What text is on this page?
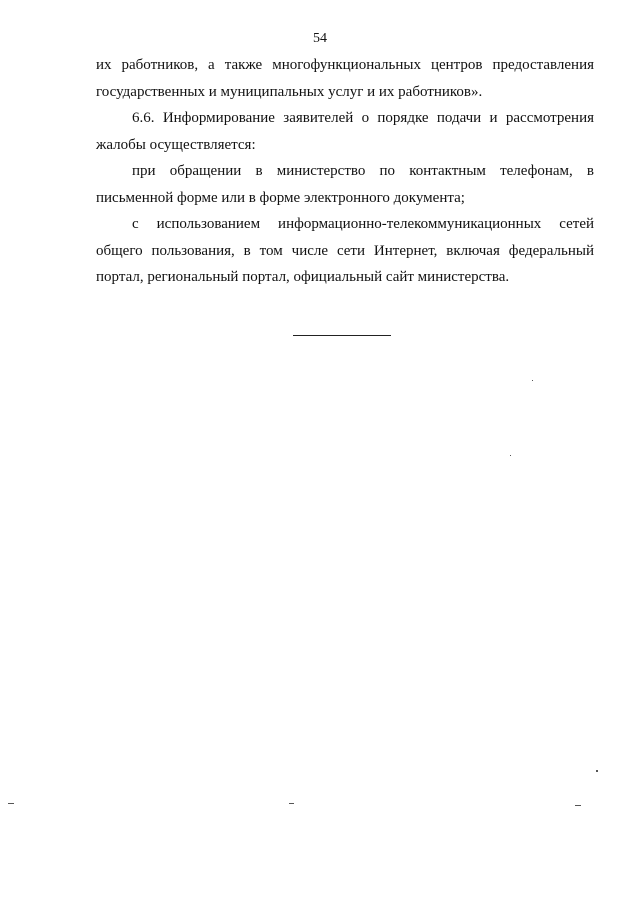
54

их работников, а также многофункциональных центров предоставления государственных и муниципальных услуг и их работников».

6.6. Информирование заявителей о порядке подачи и рассмотрения жалобы осуществляется:

при обращении в министерство по контактным телефонам, в письменной форме или в форме электронного документа;

с использованием информационно-телекоммуникационных сетей общего пользования, в том числе сети Интернет, включая федеральный портал, региональный портал, официальный сайт министерства.
